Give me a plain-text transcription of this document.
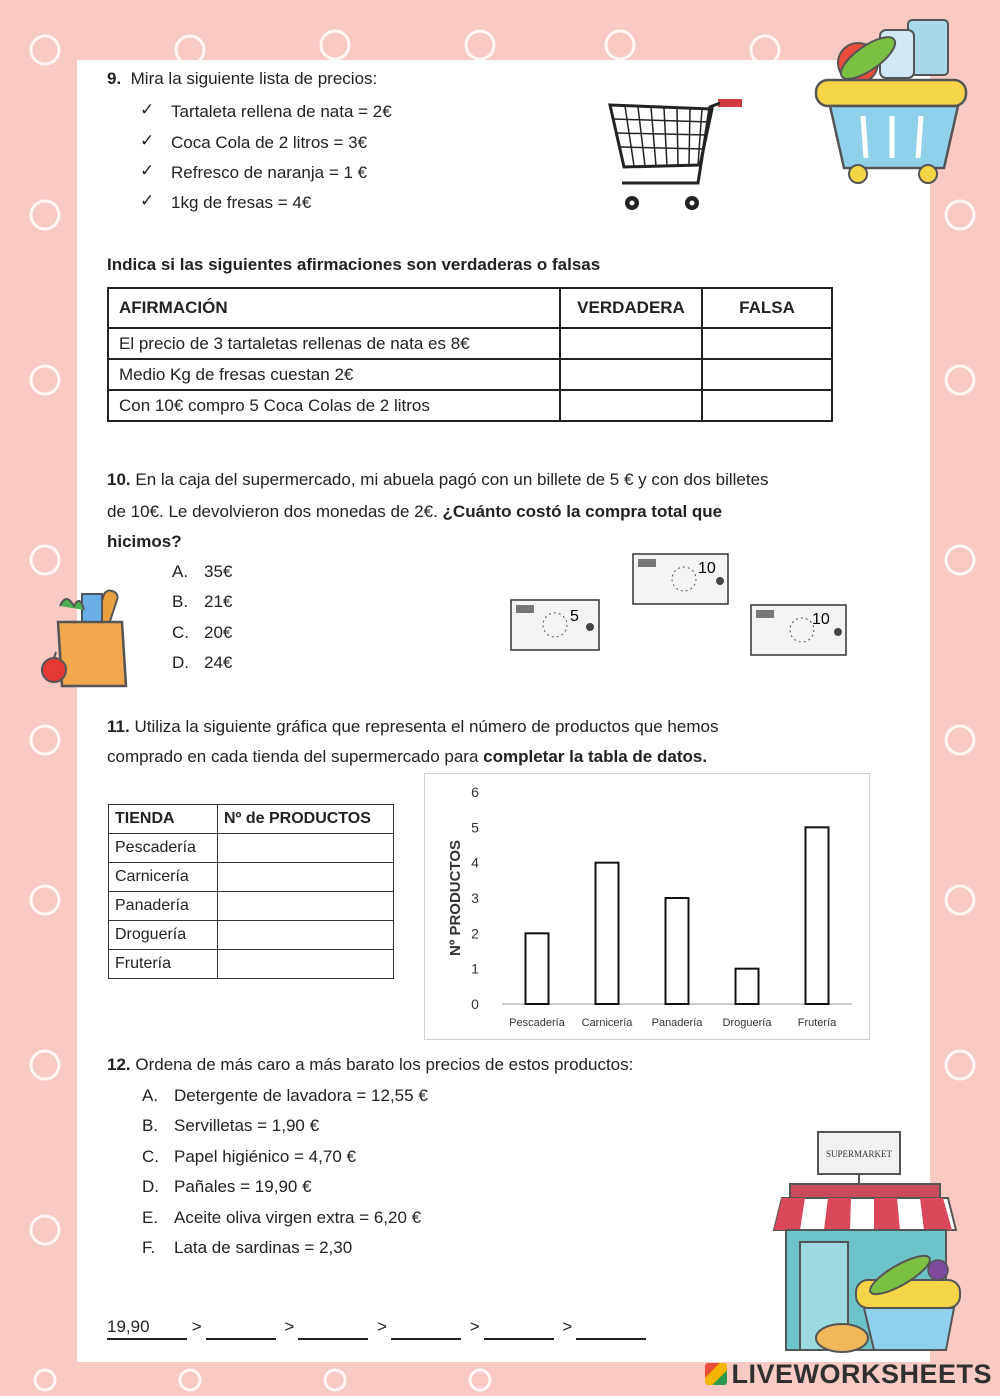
9. Mira la siguiente lista de precios:
✓ Tartaleta rellena de nata = 2€
✓ Coca Cola de 2 litros = 3€
✓ Refresco de naranja = 1 €
✓ 1kg de fresas = 4€
Indica si las siguientes afirmaciones son verdaderas o falsas
AFIRMACIÓN	VERDADERA	FALSA
El precio de 3 tartaletas rellenas de nata es 8€		
Medio Kg de fresas cuestan 2€		
Con 10€ compro 5 Coca Colas de 2 litros		
10. En la caja del supermercado, mi abuela pagó con un billete de 5 € y con dos billetes
de 10€. Le devolvieron dos monedas de 2€. ¿Cuánto costó la compra total que
hicimos?
A. 35€
B. 21€
C. 20€
D. 24€
5
10
10
11. Utiliza la siguiente gráfica que representa el número de productos que hemos
comprado en cada tienda del supermercado para completar la tabla de datos.
TIENDA	Nº de PRODUCTOS
Pescadería	
Carnicería	
Panadería	
Droguería	
Frutería	
Nº PRODUCTOS
0
1
2
3
4
5
6
Pescadería Carnicería Panadería Droguería Frutería
12. Ordena de más caro a más barato los precios de estos productos:
A. Detergente de lavadora = 12,55 €
B. Servilletas = 1,90 €
C. Papel higiénico = 4,70 €
D. Pañales = 19,90 €
E. Aceite oliva virgen extra = 6,20 €
F. Lata de sardinas = 2,30
19,90 >	>	>	>	>
SUPERMARKET
LIVEWORKSHEETS
